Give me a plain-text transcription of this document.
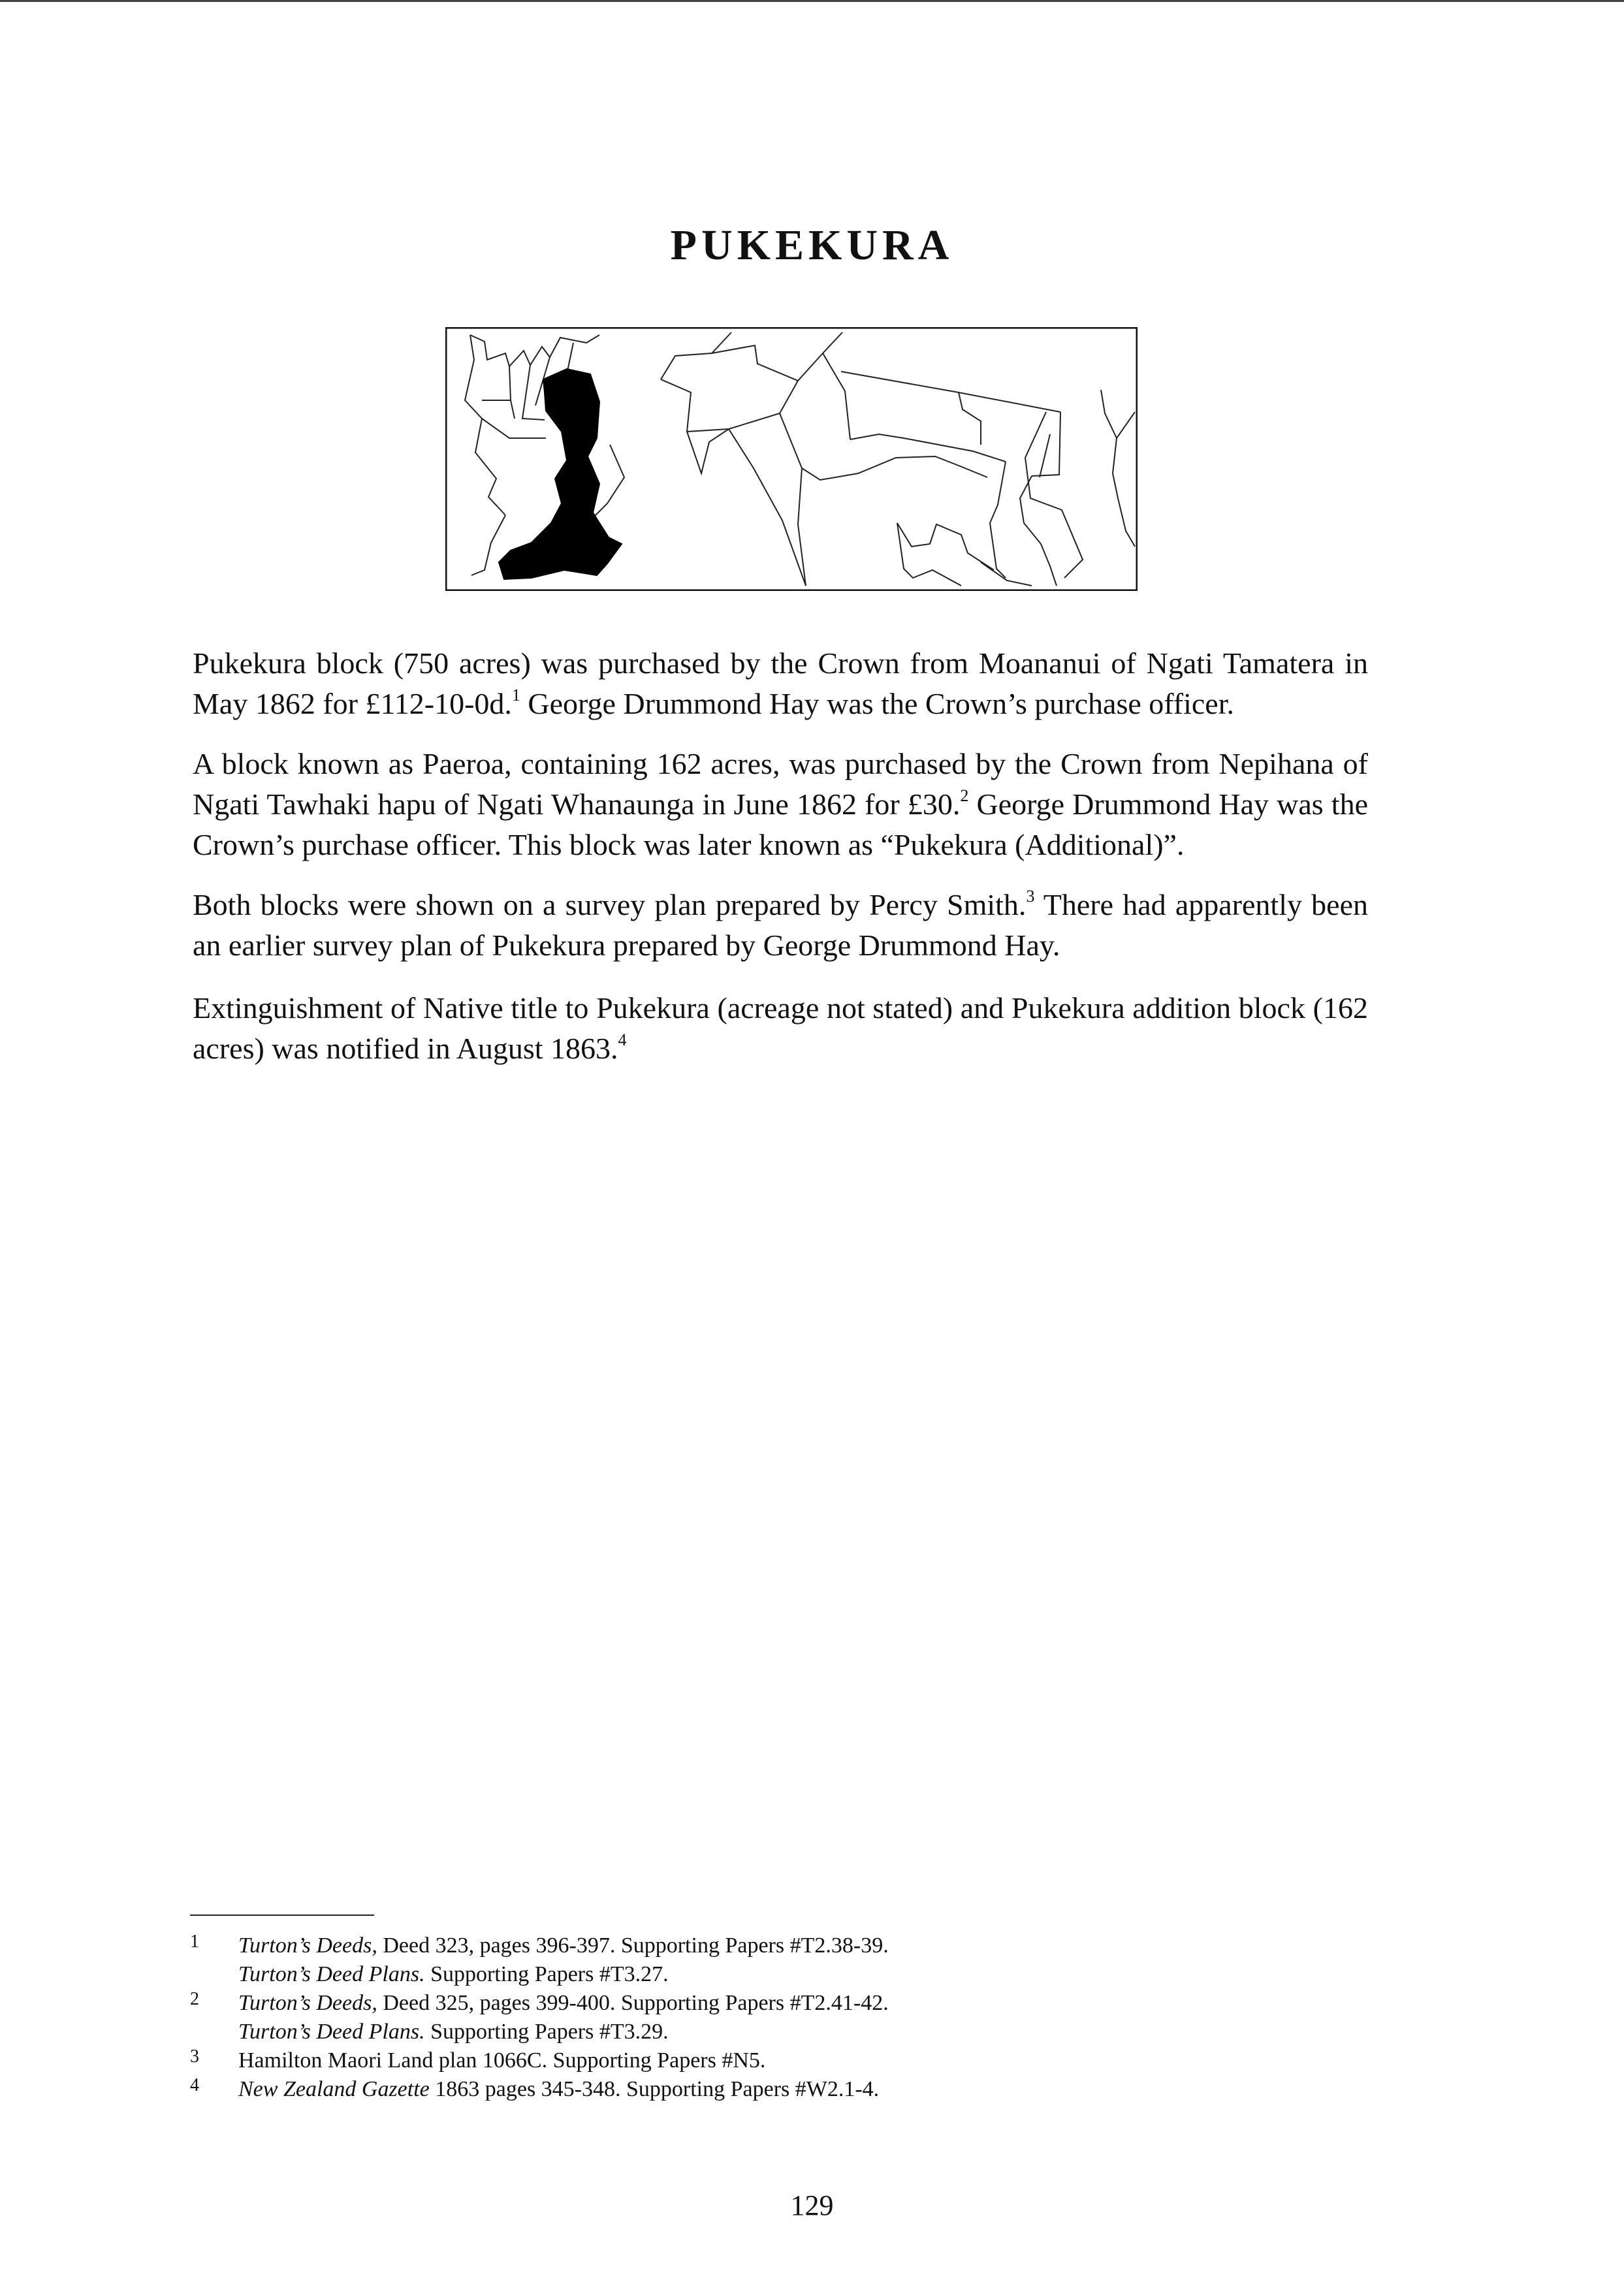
PUKEKURA

Pukekura block (750 acres) was purchased by the Crown from Moananui of Ngati Tamatera in May 1862 for £112-10-0d.$^1$ George Drummond Hay was the Crown’s purchase officer.

A block known as Paeroa, containing 162 acres, was purchased by the Crown from Nepihana of Ngati Tawhaki hapu of Ngati Whanaunga in June 1862 for £30.$^2$ George Drummond Hay was the Crown’s purchase officer. This block was later known as “Pukekura (Additional)”.

Both blocks were shown on a survey plan prepared by Percy Smith.$^3$ There had apparently been an earlier survey plan of Pukekura prepared by George Drummond Hay.

Extinguishment of Native title to Pukekura (acreage not stated) and Pukekura addition block (162 acres) was notified in August 1863.$^4$

1	Turton’s Deeds, Deed 323, pages 396-397. Supporting Papers #T2.38-39.
Turton’s Deed Plans. Supporting Papers #T3.27.
2	Turton’s Deeds, Deed 325, pages 399-400. Supporting Papers #T2.41-42.
Turton’s Deed Plans. Supporting Papers #T3.29.
3	Hamilton Maori Land plan 1066C. Supporting Papers #N5.
4	New Zealand Gazette 1863 pages 345-348. Supporting Papers #W2.1-4.
129
